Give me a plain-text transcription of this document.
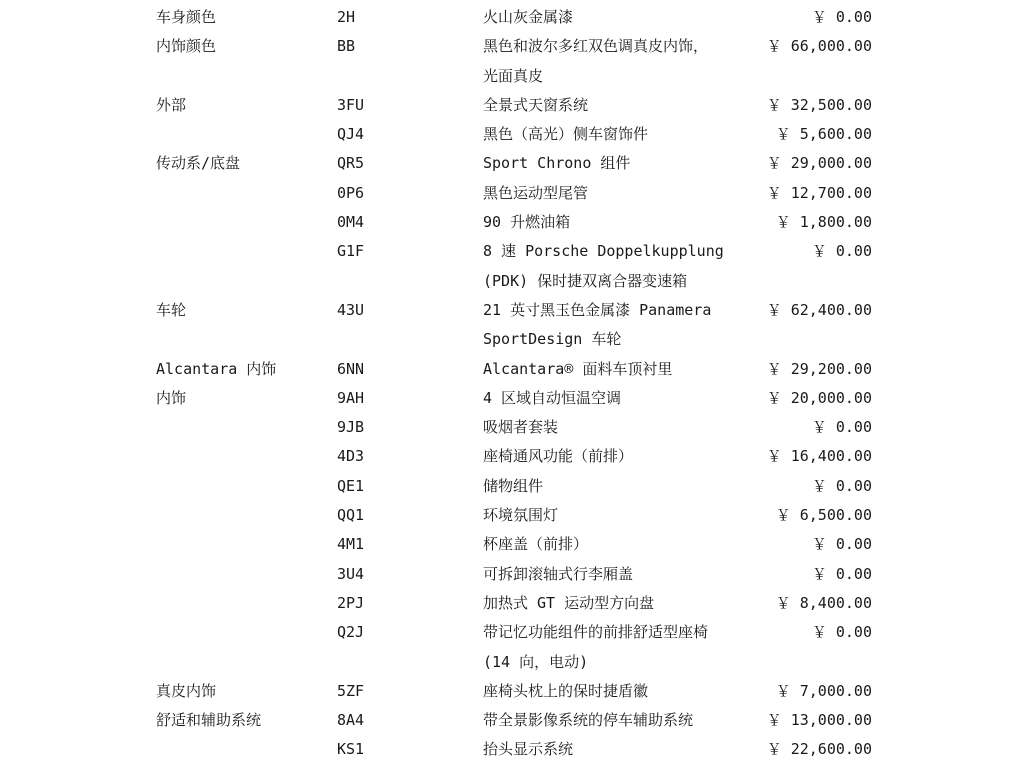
车身颜色	2H	火山灰金属漆	￥ 0.00
内饰颜色	BB	黑色和波尔多红双色调真皮内饰，	￥ 66,000.00
光面真皮
外部	3FU	全景式天窗系统	￥ 32,500.00
QJ4	黑色（高光）侧车窗饰件	￥ 5,600.00
传动系/底盘	QR5	Sport Chrono 组件	￥ 29,000.00
0P6	黑色运动型尾管	￥ 12,700.00
0M4	90 升燃油箱	￥ 1,800.00
G1F	8 速 Porsche Doppelkupplung	￥ 0.00
(PDK) 保时捷双离合器变速箱
车轮	43U	21 英寸黑玉色金属漆 Panamera	￥ 62,400.00
SportDesign 车轮
Alcantara 内饰	6NN	Alcantara® 面料车顶衬里	￥ 29,200.00
内饰	9AH	4 区域自动恒温空调	￥ 20,000.00
9JB	吸烟者套装	￥ 0.00
4D3	座椅通风功能（前排）	￥ 16,400.00
QE1	储物组件	￥ 0.00
QQ1	环境氛围灯	￥ 6,500.00
4M1	杯座盖（前排）	￥ 0.00
3U4	可拆卸滚轴式行李厢盖	￥ 0.00
2PJ	加热式 GT 运动型方向盘	￥ 8,400.00
Q2J	带记忆功能组件的前排舒适型座椅	￥ 0.00
(14 向，电动)
真皮内饰	5ZF	座椅头枕上的保时捷盾徽	￥ 7,000.00
舒适和辅助系统	8A4	带全景影像系统的停车辅助系统	￥ 13,000.00
KS1	抬头显示系统	￥ 22,600.00
